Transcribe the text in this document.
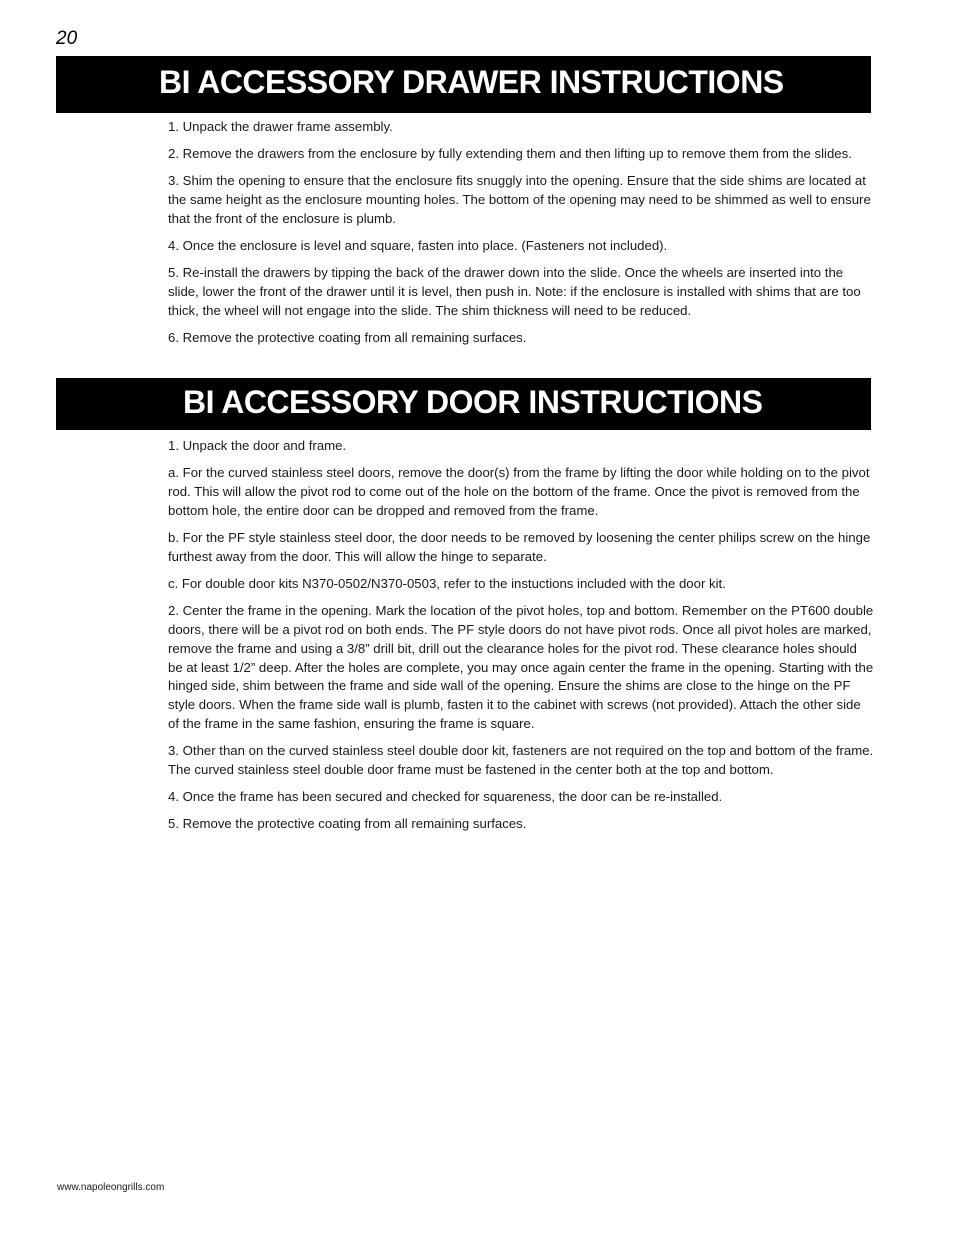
20
BI ACCESSORY DRAWER INSTRUCTIONS
1. Unpack the drawer frame assembly.
2. Remove the drawers from the enclosure by fully extending them and then lifting up to remove them from the slides.
3. Shim the opening to ensure that the enclosure fits snuggly into the opening. Ensure that the side shims are located at the same height as the enclosure mounting holes. The bottom of the opening may need to be shimmed as well to ensure that the front of the enclosure is plumb.
4. Once the enclosure is level and square, fasten into place. (Fasteners not included).
5. Re-install the drawers by tipping the back of the drawer down into the slide. Once the wheels are inserted into the slide, lower the front of the drawer until it is level, then push in. Note: if the enclosure is installed with shims that are too thick, the wheel will not engage into the slide. The shim thickness will need to be reduced.
6. Remove the protective coating from all remaining surfaces.
BI ACCESSORY DOOR INSTRUCTIONS
1. Unpack the door and frame.
a. For the curved stainless steel doors, remove the door(s) from the frame by lifting the door while holding on to the pivot rod. This will allow the pivot rod to come out of the hole on the bottom of the frame. Once the pivot is removed from the bottom hole, the entire door can be dropped and removed from the frame.
b. For the PF style stainless steel door, the door needs to be removed by loosening the center philips screw on the hinge furthest away from the door. This will allow the hinge to separate.
c. For double door kits N370-0502/N370-0503, refer to the instuctions included with the door kit.
2. Center the frame in the opening. Mark the location of the pivot holes, top and bottom. Remember on the PT600 double doors, there will be a pivot rod on both ends. The PF style doors do not have pivot rods. Once all pivot holes are marked, remove the frame and using a 3/8” drill bit, drill out the clearance holes for the pivot rod. These clearance holes should be at least 1/2” deep. After the holes are complete, you may once again center the frame in the opening. Starting with the hinged side, shim between the frame and side wall of the opening. Ensure the shims are close to the hinge on the PF style doors. When the frame side wall is plumb, fasten it to the cabinet with screws (not provided). Attach the other side of the frame in the same fashion, ensuring the frame is square.
3. Other than on the curved stainless steel double door kit, fasteners are not required on the top and bottom of the frame. The curved stainless steel double door frame must be fastened in the center both at the top and bottom.
4. Once the frame has been secured and checked for squareness, the door can be re-installed.
5. Remove the protective coating from all remaining surfaces.
www.napoleongrills.com
